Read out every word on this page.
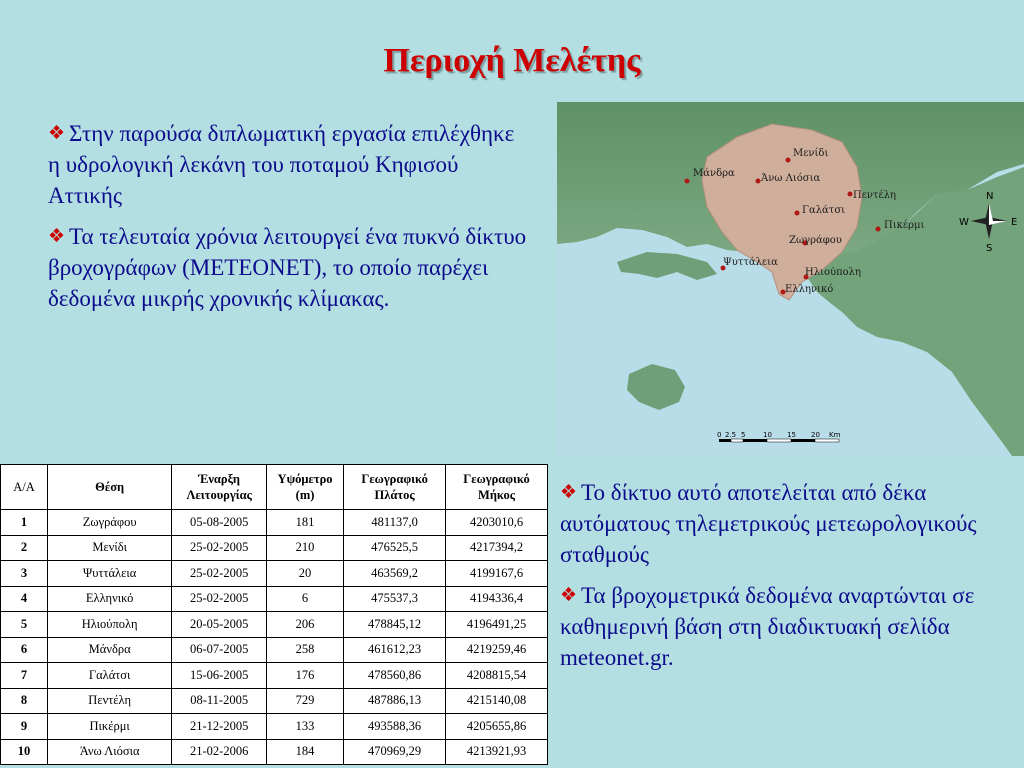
Περιοχή Μελέτης

❖ Στην παρούσα διπλωματική εργασία επιλέχθηκε η υδρολογική λεκάνη του ποταμού Κηφισού Αττικής

❖ Τα τελευταία χρόνια λειτουργεί ένα πυκνό δίκτυο βροχογράφων (METEONET), το οποίο παρέχει δεδομένα μικρής χρονικής κλίμακας.

Μάνδρα
Μενίδι
Άνω Λιόσια
Πεντέλη
Γαλάτσι
Πικέρμι
Ζωγράφου
Ψυττάλεια
Ηλιούπολη
Ελληνικό
N
S
W	E
0 2.5 5	10 15 20 Km
A/A	Θέση	Έναρξη Λειτουργίας	Υψόμετρο (m)	Γεωγραφικό Πλάτος	Γεωγραφικό Μήκος
1	Ζωγράφου	05-08-2005	181	481137,0	4203010,6
2	Μενίδι	25-02-2005	210	476525,5	4217394,2
3	Ψυττάλεια	25-02-2005	20	463569,2	4199167,6
4	Ελληνικό	25-02-2005	6	475537,3	4194336,4
5	Ηλιούπολη	20-05-2005	206	478845,12	4196491,25
6	Μάνδρα	06-07-2005	258	461612,23	4219259,46
7	Γαλάτσι	15-06-2005	176	478560,86	4208815,54
8	Πεντέλη	08-11-2005	729	487886,13	4215140,08
9	Πικέρμι	21-12-2005	133	493588,36	4205655,86
10	Άνω Λιόσια	21-02-2006	184	470969,29	4213921,93

❖ Το δίκτυο αυτό αποτελείται από δέκα αυτόματους τηλεμετρικούς μετεωρολογικούς σταθμούς

❖ Τα βροχομετρικά δεδομένα αναρτώνται σε καθημερινή βάση στη διαδικτυακή σελίδα meteonet.gr.
